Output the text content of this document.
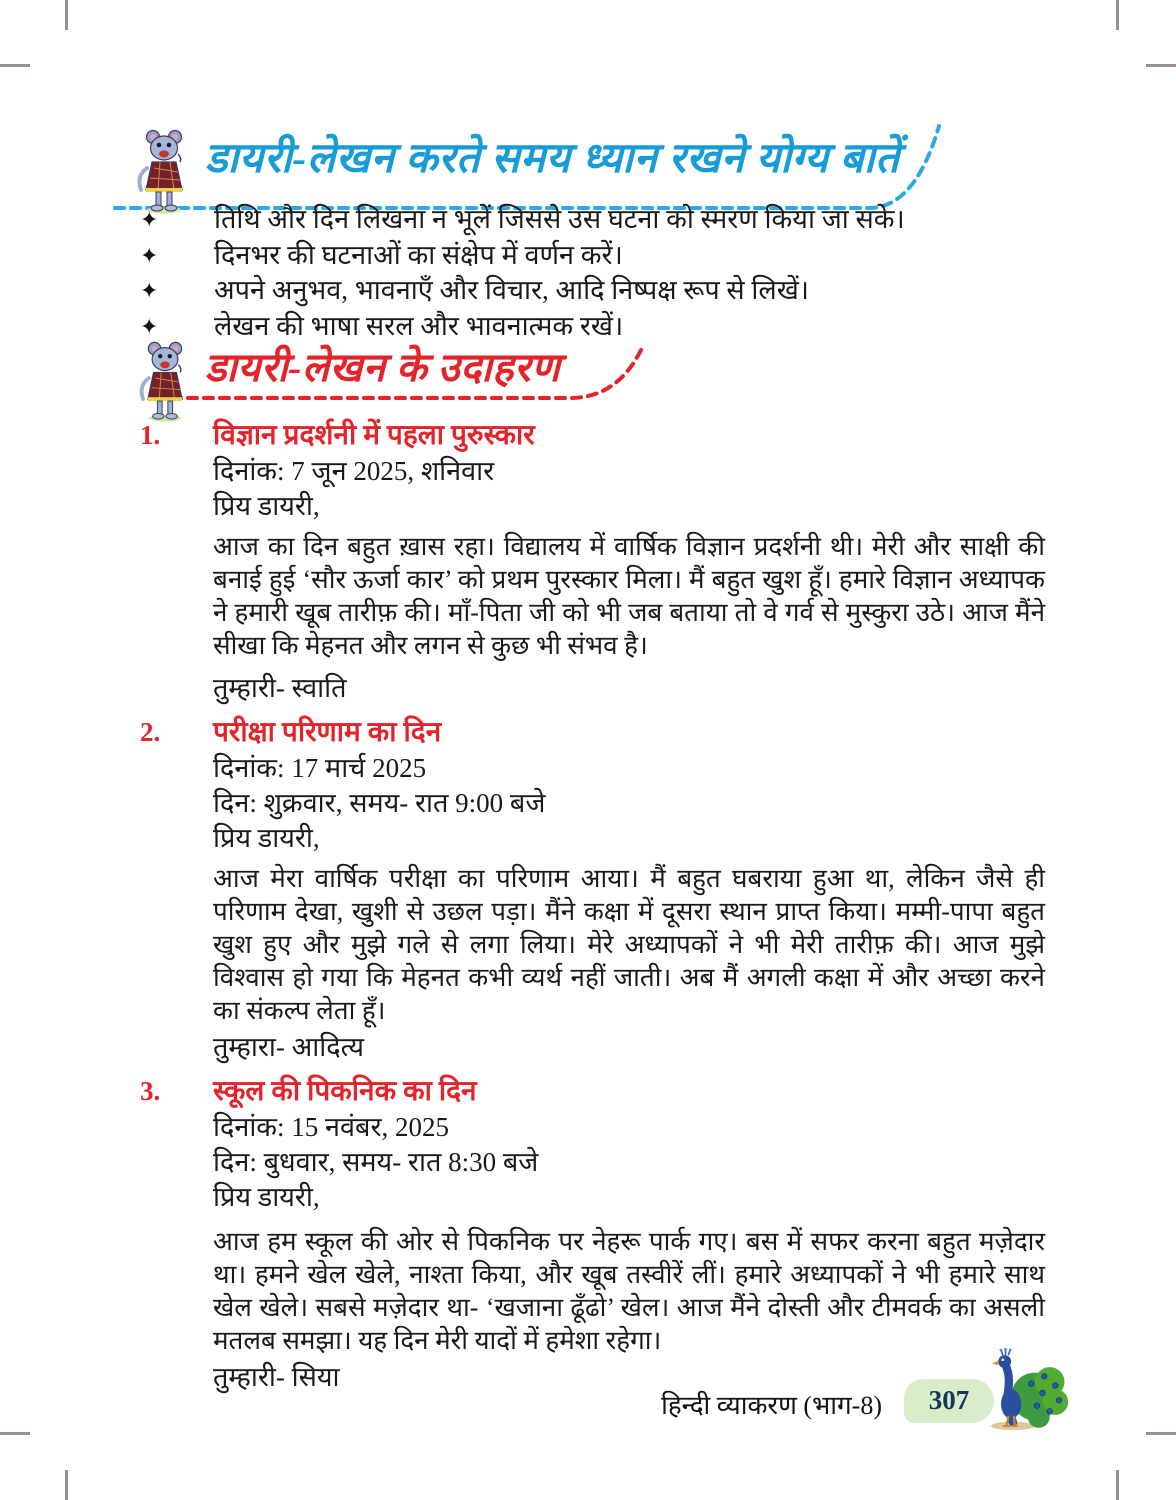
डायरी-लेखन करते समय ध्यान रखने योग्य बातें
✦	तिथि और दिन लिखना न भूलें जिससे उस घटना को स्मरण किया जा सके।
✦	दिनभर की घटनाओं का संक्षेप में वर्णन करें।
✦	अपने अनुभव, भावनाएँ और विचार, आदि निष्पक्ष रूप से लिखें।
✦	लेखन की भाषा सरल और भावनात्मक रखें।
डायरी-लेखन के उदाहरण
1.	विज्ञान प्रदर्शनी में पहला पुरुस्कार
दिनांक: 7 जून 2025, शनिवार
प्रिय डायरी,

आज का दिन बहुत ख़ास रहा। विद्यालय में वार्षिक विज्ञान प्रदर्शनी थी। मेरी और साक्षी की बनाई हुई ‘सौर ऊर्जा कार’ को प्रथम पुरस्कार मिला। मैं बहुत खुश हूँ। हमारे विज्ञान अध्यापक ने हमारी खूब तारीफ़ की। माँ-पिता जी को भी जब बताया तो वे गर्व से मुस्कुरा उठे। आज मैंने सीखा कि मेहनत और लगन से कुछ भी संभव है।

तुम्हारी- स्वाति
2.	परीक्षा परिणाम का दिन
दिनांक: 17 मार्च 2025
दिन: शुक्रवार, समय- रात 9:00 बजे
प्रिय डायरी,

आज मेरा वार्षिक परीक्षा का परिणाम आया। मैं बहुत घबराया हुआ था, लेकिन जैसे ही परिणाम देखा, खुशी से उछल पड़ा। मैंने कक्षा में दूसरा स्थान प्राप्त किया। मम्मी-पापा बहुत खुश हुए और मुझे गले से लगा लिया। मेरे अध्यापकों ने भी मेरी तारीफ़ की। आज मुझे विश्वास हो गया कि मेहनत कभी व्यर्थ नहीं जाती। अब मैं अगली कक्षा में और अच्छा करने का संकल्प लेता हूँ।

तुम्हारा- आदित्य
3.	स्कूल की पिकनिक का दिन
दिनांक: 15 नवंबर, 2025
दिन: बुधवार, समय- रात 8:30 बजे
प्रिय डायरी,

आज हम स्कूल की ओर से पिकनिक पर नेहरू पार्क गए। बस में सफर करना बहुत मज़ेदार था। हमने खेल खेले, नाश्ता किया, और खूब तस्वीरें लीं। हमारे अध्यापकों ने भी हमारे साथ खेल खेले। सबसे मज़ेदार था- ‘खजाना ढूँढो’ खेल। आज मैंने दोस्ती और टीमवर्क का असली मतलब समझा। यह दिन मेरी यादों में हमेशा रहेगा।

तुम्हारी- सिया
हिन्दी व्याकरण (भाग-8) 307
